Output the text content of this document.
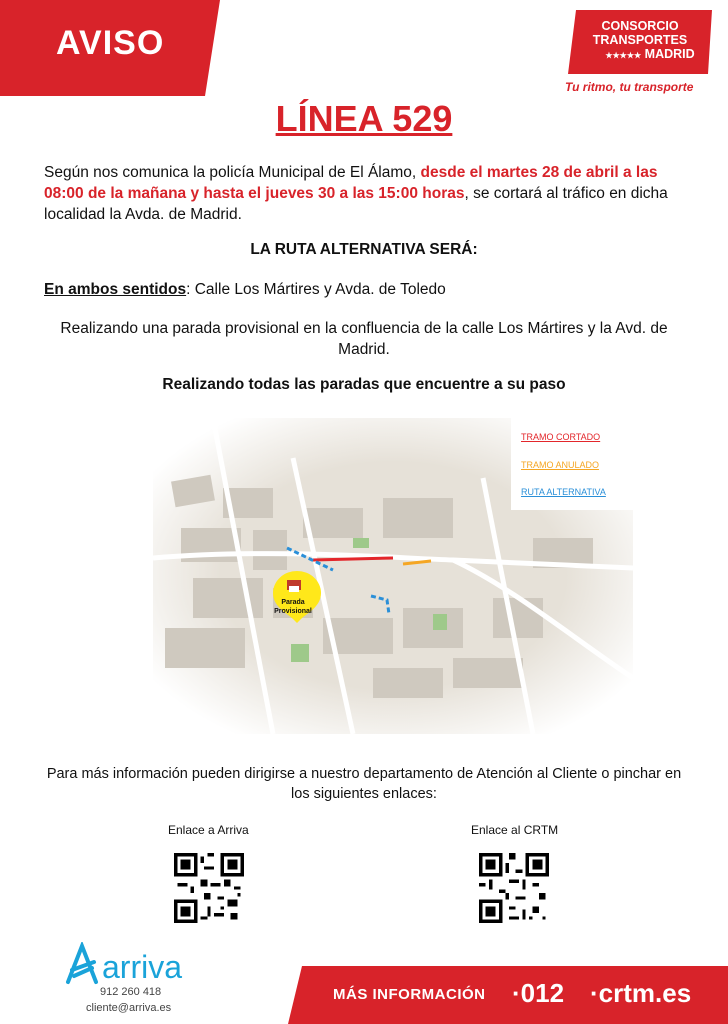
AVISO	CONSORCIO
TRANSPORTES
★★★★★ MADRID
Tu ritmo, tu transporte
LÍNEA 529
Según nos comunica la policía Municipal de El Álamo, desde el martes 28 de abril a las 08:00 de la mañana y hasta el jueves 30 a las 15:00 horas, se cortará al tráfico en dicha localidad la Avda. de Madrid.
LA RUTA ALTERNATIVA SERÁ:
En ambos sentidos: Calle Los Mártires y Avda. de Toledo
Realizando una parada provisional en la confluencia de la calle Los Mártires y la Avd. de Madrid.
Realizando todas las paradas que encuentre a su paso
TRAMO CORTADO
TRAMO ANULADO
RUTA ALTERNATIVA
Parada
Provisional
Para más información pueden dirigirse a nuestro departamento de Atención al Cliente o pinchar en los siguientes enlaces:
Enlace a Arriva	Enlace al CRTM
arriva
912 260 418
cliente@arriva.es
MÁS INFORMACIÓN ·012 ·crtm.es
